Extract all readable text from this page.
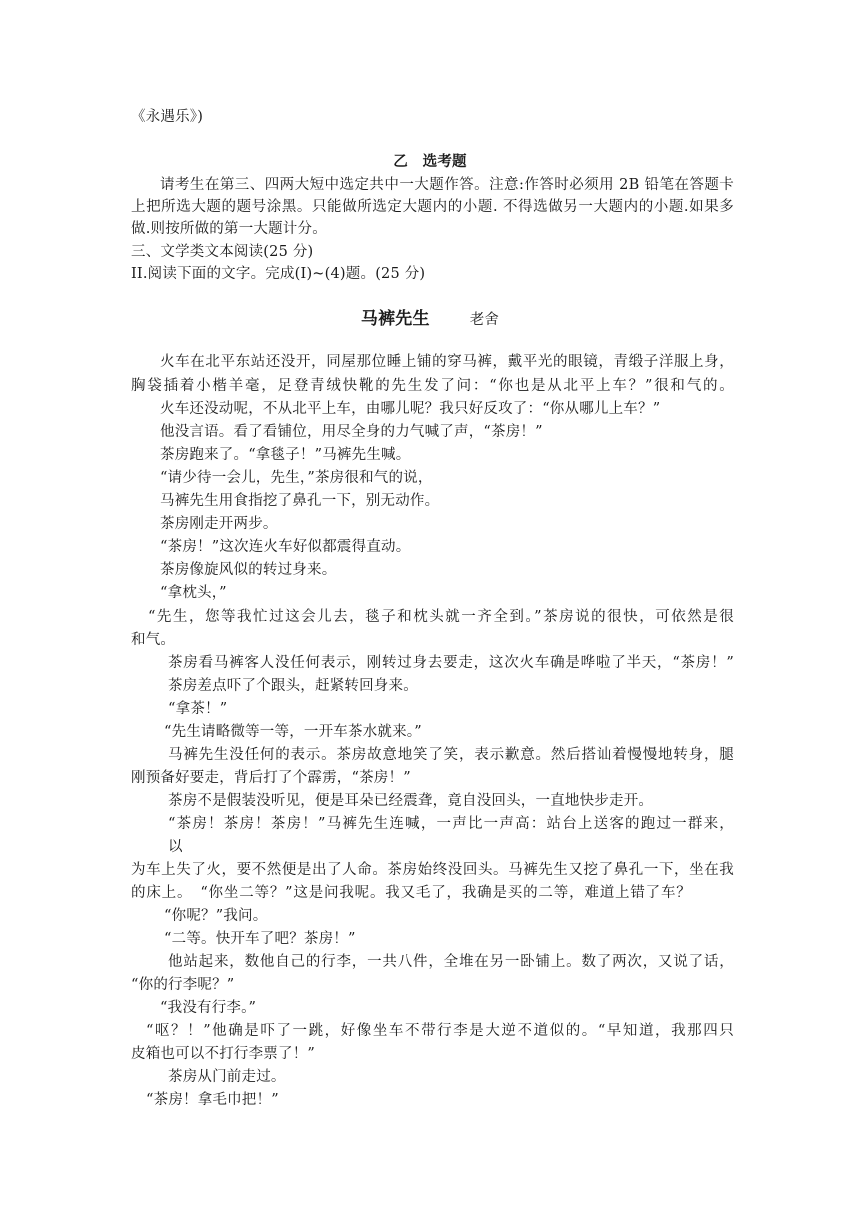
《永遇乐》)
乙　选考题
请考生在第三、四两大短中选定共中一大题作答。注意:作答时必须用 2B 铅笔在答题卡
上把所选大题的题号涂黑。只能做所选定大题内的小题. 不得选做另一大题内的小题.如果多
做.则按所做的第一大题计分。
三、文学类文本阅读(25 分)
II.阅读下面的文字。完成(I)~(4)题。(25 分)
马裤先生	老舍
火车在北平东站还没开，同屋那位睡上铺的穿马裤，戴平光的眼镜，青缎子洋服上身，
胸袋插着小楷羊毫，足登青绒快靴的先生发了问：“你也是从北平上车？”很和气的。
火车还没动呢，不从北平上车，由哪儿呢？我只好反攻了：“你从哪儿上车？”
他没言语。看了看铺位，用尽全身的力气喊了声，“茶房！”
茶房跑来了。“拿毯子！”马裤先生喊。
“请少待一会儿，先生，”茶房很和气的说，
马裤先生用食指挖了鼻孔一下，别无动作。
茶房刚走开两步。
“茶房！”这次连火车好似都震得直动。
茶房像旋风似的转过身来。
“拿枕头，”
“先生，您等我忙过这会儿去，毯子和枕头就一齐全到。”茶房说的很快，可依然是很
和气。
茶房看马裤客人没任何表示，刚转过身去要走，这次火车确是哗啦了半天，“茶房！”
茶房差点吓了个跟头，赶紧转回身来。
“拿茶！”
“先生请略微等一等，一开车茶水就来。”
马裤先生没任何的表示。茶房故意地笑了笑，表示歉意。然后搭讪着慢慢地转身，腿
刚预备好要走，背后打了个霹雳，“茶房！”
茶房不是假装没听见，便是耳朵已经震聋，竟自没回头，一直地快步走开。
“茶房！茶房！茶房！”马裤先生连喊，一声比一声高：站台上送客的跑过一群来，
以
为车上失了火，要不然便是出了人命。茶房始终没回头。马裤先生又挖了鼻孔一下，坐在我
的床上。　“你坐二等？”这是问我呢。我又毛了，我确是买的二等，难道上错了车？
“你呢？”我问。
“二等。快开车了吧？茶房！”
他站起来，数他自己的行李，一共八件，全堆在另一卧铺上。数了两次，又说了话，
“你的行李呢？”
“我没有行李。”
“呕？！”他确是吓了一跳，好像坐车不带行李是大逆不道似的。“早知道，我那四只
皮箱也可以不打行李票了！”
茶房从门前走过。
“茶房！拿毛巾把！”
